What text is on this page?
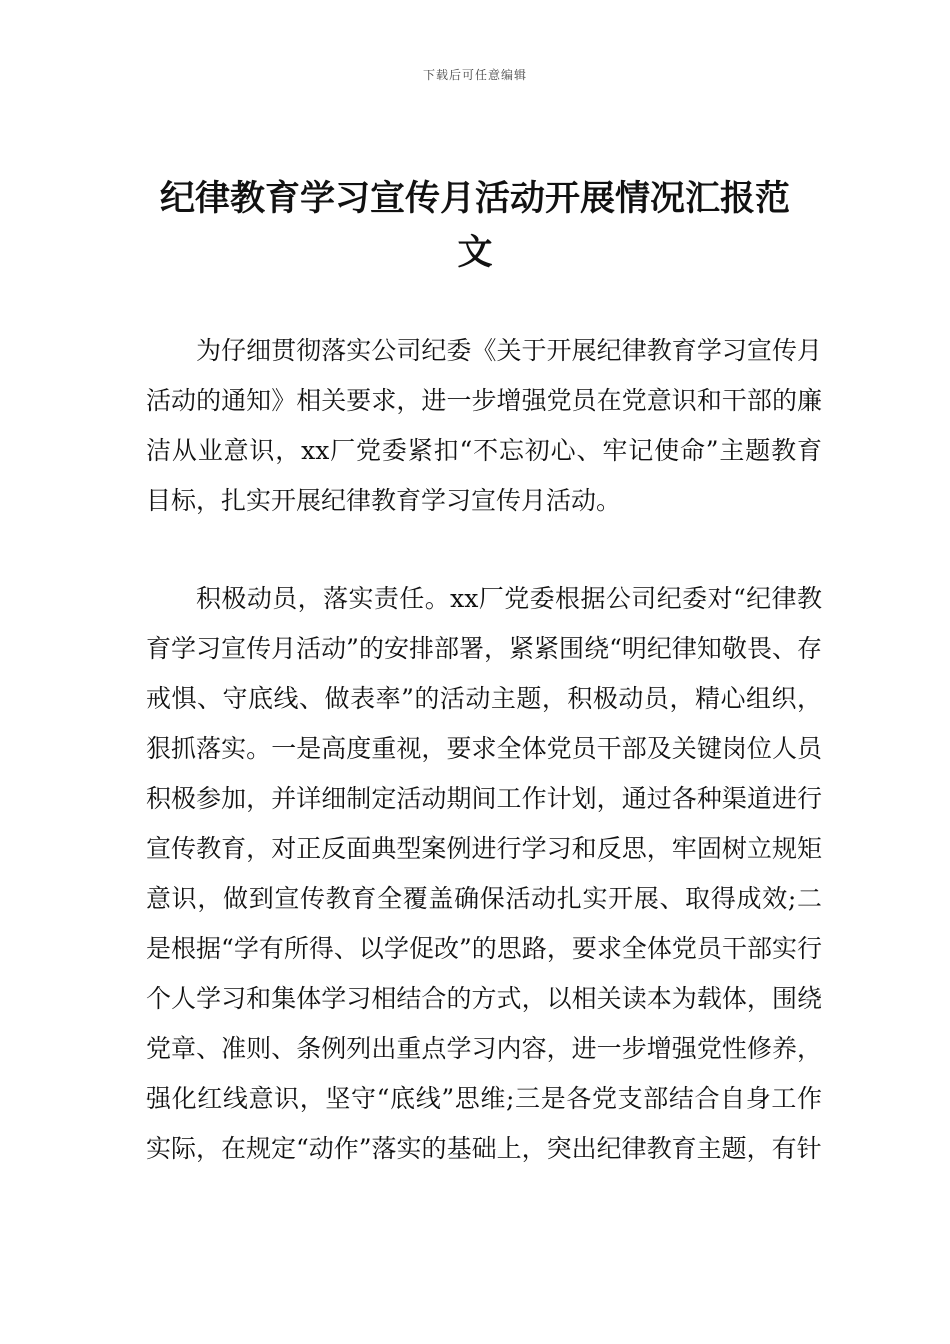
下载后可任意编辑
纪律教育学习宣传月活动开展情况汇报范
文

为仔细贯彻落实公司纪委《关于开展纪律教育学习宣传月活动的通知》相关要求，进一步增强党员在党意识和干部的廉洁从业意识，xx厂党委紧扣“不忘初心、牢记使命”主题教育目标，扎实开展纪律教育学习宣传月活动。

积极动员，落实责任。xx厂党委根据公司纪委对“纪律教育学习宣传月活动”的安排部署，紧紧围绕“明纪律知敬畏、存戒惧、守底线、做表率”的活动主题，积极动员，精心组织，狠抓落实。一是高度重视，要求全体党员干部及关键岗位人员积极参加，并详细制定活动期间工作计划，通过各种渠道进行宣传教育，对正反面典型案例进行学习和反思，牢固树立规矩意识，做到宣传教育全覆盖确保活动扎实开展、取得成效;二是根据“学有所得、以学促改”的思路，要求全体党员干部实行个人学习和集体学习相结合的方式，以相关读本为载体，围绕党章、准则、条例列出重点学习内容，进一步增强党性修养，强化红线意识，坚守“底线”思维;三是各党支部结合自身工作实际，在规定“动作”落实的基础上，突出纪律教育主题，有针
